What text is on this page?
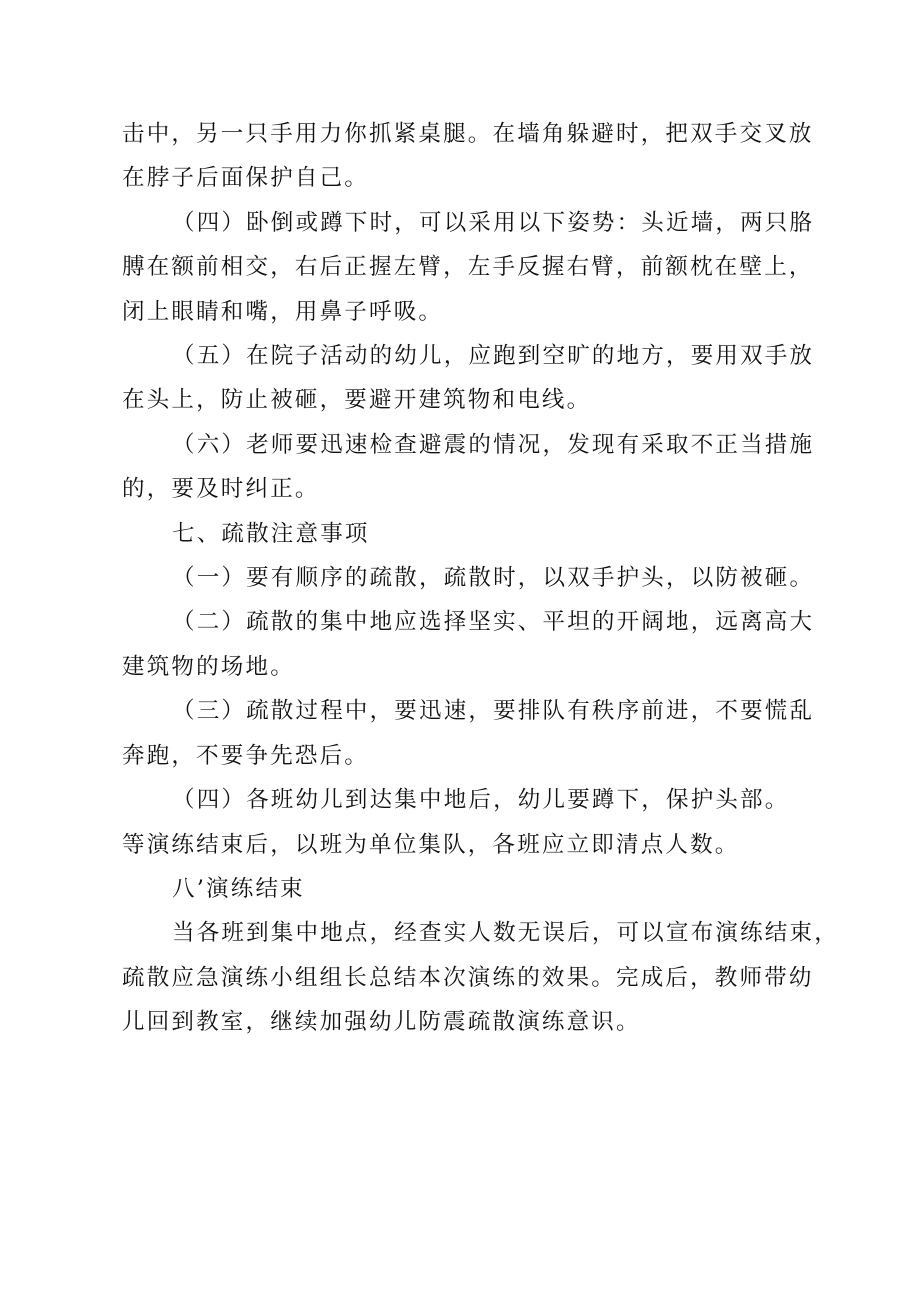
击中，另一只手用力你抓紧桌腿。在墙角躲避时，把双手交叉放
在脖子后面保护自己。

（四）卧倒或蹲下时，可以采用以下姿势：头近墙，两只胳
膊在额前相交，右后正握左臂，左手反握右臂，前额枕在壁上，
闭上眼睛和嘴，用鼻子呼吸。

（五）在院子活动的幼儿，应跑到空旷的地方，要用双手放
在头上，防止被砸，要避开建筑物和电线。

（六）老师要迅速检查避震的情况，发现有采取不正当措施
的，要及时纠正。

七、疏散注意事项

（一）要有顺序的疏散，疏散时，以双手护头，以防被砸。

（二）疏散的集中地应选择坚实、平坦的开阔地，远离高大
建筑物的场地。

（三）疏散过程中，要迅速，要排队有秩序前进，不要慌乱
奔跑，不要争先恐后。

（四）各班幼儿到达集中地后，幼儿要蹲下，保护头部。
等演练结束后，以班为单位集队，各班应立即清点人数。

八’演练结束

当各班到集中地点，经查实人数无误后，可以宣布演练结束，
疏散应急演练小组组长总结本次演练的效果。完成后，教师带幼
儿回到教室，继续加强幼儿防震疏散演练意识。
